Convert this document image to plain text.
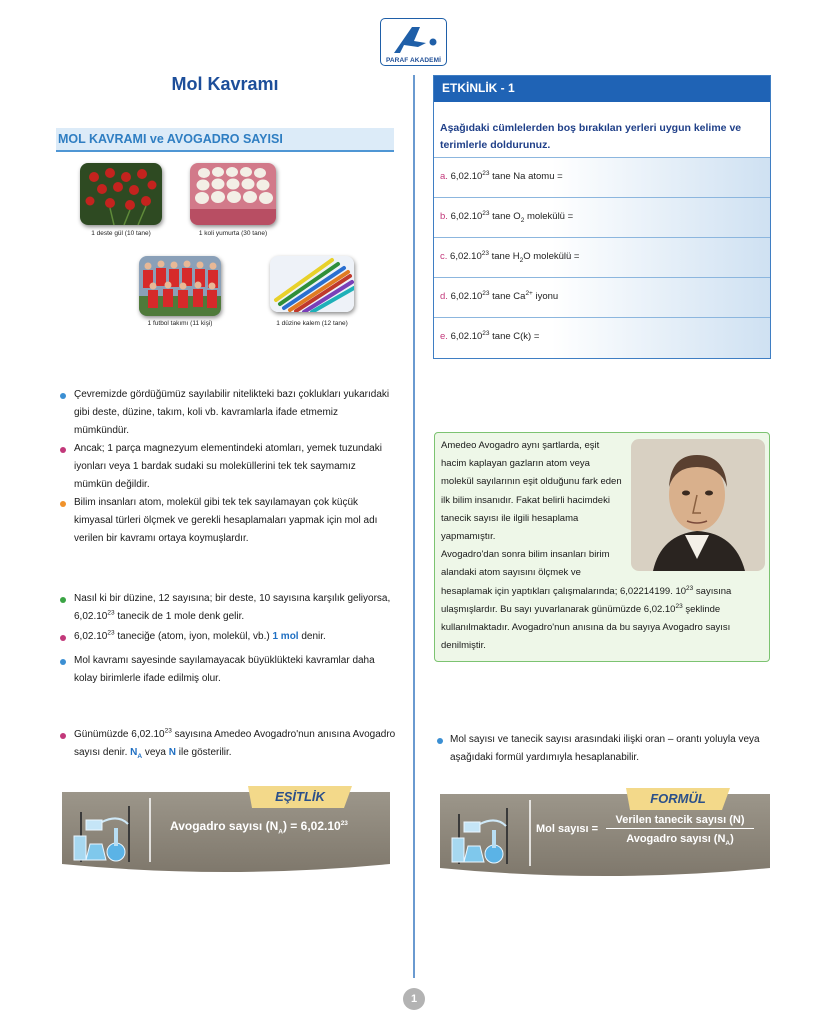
PARAF AKADEMİ
Mol Kavramı
MOL KAVRAMI ve AVOGADRO SAYISI
1 deste gül (10 tane)	1 koli yumurta (30 tane)
1 futbol takımı (11 kişi)	1 düzine kalem (12 tane)
Çevremizde gördüğümüz sayılabilir nitelikteki bazı çoklukları yukarıdaki gibi deste, düzine, takım, koli vb. kavramlarla ifade etmemiz mümkündür.
Ancak; 1 parça magnezyum elementindeki atomları, yemek tuzundaki iyonları veya 1 bardak sudaki su moleküllerini tek tek saymamız mümkün değildir.
Bilim insanları atom, molekül gibi tek tek sayılamayan çok küçük kimyasal türleri ölçmek ve gerekli hesaplamaları yapmak için mol adı verilen bir kavramı ortaya koymuşlardır.
Nasıl ki bir düzine, 12 sayısına; bir deste, 10 sayısına karşılık geliyorsa, 6,02.10$^{23}$ tanecik de 1 mole denk gelir.
6,02.10$^{23}$ taneciğe (atom, iyon, molekül, vb.) 1 mol denir.
Mol kavramı sayesinde sayılamayacak büyüklükteki kavramlar daha kolay birimlerle ifade edilmiş olur.
Günümüzde 6,02.10$^{23}$ sayısına Amedeo Avogadro'nun anısına Avogadro sayısı denir. $N_A$ veya N ile gösterilir.
EŞİTLİK
Avogadro sayısı $(N_A) = 6,02.10^{23}$
ETKİNLİK - 1
Aşağıdaki cümlelerden boş bırakılan yerleri uygun kelime ve terimlerle doldurunuz.
a. 6,02.10$^{23}$ tane Na atomu =
b. 6,02.10$^{23}$ tane $O_2$ molekülü =
c. 6,02.10$^{23}$ tane $H_2O$ molekülü =
d. 6,02.10$^{23}$ tane $Ca^{2+}$ iyonu
e. 6,02.10$^{23}$ tane C(k) =
Amedeo Avogadro aynı şartlarda, eşit hacim kaplayan gazların atom veya molekül sayılarının eşit olduğunu fark eden ilk bilim insanıdır. Fakat belirli hacimdeki tanecik sayısı ile ilgili hesaplama yapmamıştır.
Avogadro'dan sonra bilim insanları birim alandaki atom sayısını ölçmek ve hesaplamak için yaptıkları çalışmalarında; 6,02214199. $10^{23}$ sayısına ulaşmışlardır. Bu sayı yuvarlanarak günümüzde 6,02.10$^{23}$ şeklinde kullanılmaktadır. Avogadro'nun anısına da bu sayıya Avogadro sayısı denilmiştir.
Mol sayısı ve tanecik sayısı arasındaki ilişki oran – orantı yoluyla veya aşağıdaki formül yardımıyla hesaplanabilir.
FORMÜL
Mol sayısı =
Verilen tanecik sayısı (N)
Avogadro sayısı $(N_A)$
1
